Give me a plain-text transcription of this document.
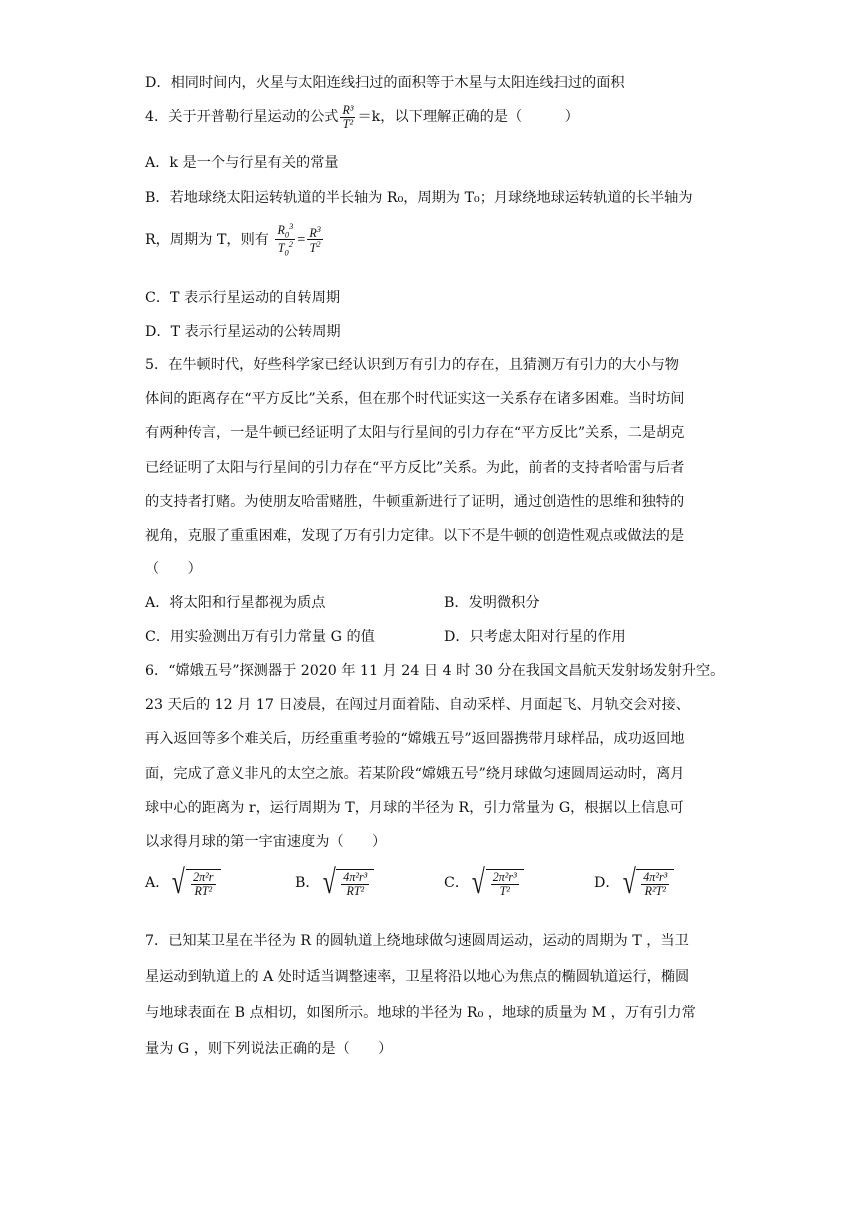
D．相同时间内，火星与太阳连线扫过的面积等于木星与太阳连线扫过的面积
4．关于开普勒行星运动的公式 $\frac{\text{R³}}{\text{T²}} =k$，以下理解正确的是（　　　）
A．k 是一个与行星有关的常量
B．若地球绕太阳运转轨道的半长轴为 R₀，周期为 T₀；月球绕地球运转轨道的长半轴为
R，周期为 T，则有 $\frac{R_0^3}{T_0^2} = \frac{R^3}{T^2}$
C．T 表示行星运动的自转周期
D．T 表示行星运动的公转周期
5．在牛顿时代，好些科学家已经认识到万有引力的存在，且猜测万有引力的大小与物
体间的距离存在“平方反比”关系，但在那个时代证实这一关系存在诸多困难。当时坊间
有两种传言，一是牛顿已经证明了太阳与行星间的引力存在“平方反比”关系，二是胡克
已经证明了太阳与行星间的引力存在“平方反比”关系。为此，前者的支持者哈雷与后者
的支持者打赌。为使朋友哈雷赌胜，牛顿重新进行了证明，通过创造性的思维和独特的
视角，克服了重重困难，发现了万有引力定律。以下不是牛顿的创造性观点或做法的是
（　　）
A．将太阳和行星都视为质点	B．发明微积分
C．用实验测出万有引力常量 G 的值	D．只考虑太阳对行星的作用
6．“嫦娥五号”探测器于 2020 年 11 月 24 日 4 时 30 分在我国文昌航天发射场发射升空。
23 天后的 12 月 17 日凌晨，在闯过月面着陆、自动采样、月面起飞、月轨交会对接、
再入返回等多个难关后，历经重重考验的“嫦娥五号”返回器携带月球样品，成功返回地
面，完成了意义非凡的太空之旅。若某阶段“嫦娥五号”绕月球做匀速圆周运动时，离月
球中心的距离为 r，运行周期为 T，月球的半径为 R，引力常量为 G，根据以上信息可
以求得月球的第一宇宙速度为（　　）
A． √ $\frac{\text{2π²r}}{\text{RT²}}$	B． √ $\frac{\text{4π²r³}}{\text{RT²}}$	C． √ $\frac{\text{2π²r³}}{\text{T²}}$	D． √ $\frac{\text{4π²r³}}{\text{R²T²}}$
7．已知某卫星在半径为 R 的圆轨道上绕地球做匀速圆周运动，运动的周期为 T ，当卫
星运动到轨道上的 A 处时适当调整速率，卫星将沿以地心为焦点的椭圆轨道运行，椭圆
与地球表面在 B 点相切，如图所示。地球的半径为 R₀ ，地球的质量为 M ，万有引力常
量为 G ，则下列说法正确的是（　　）
